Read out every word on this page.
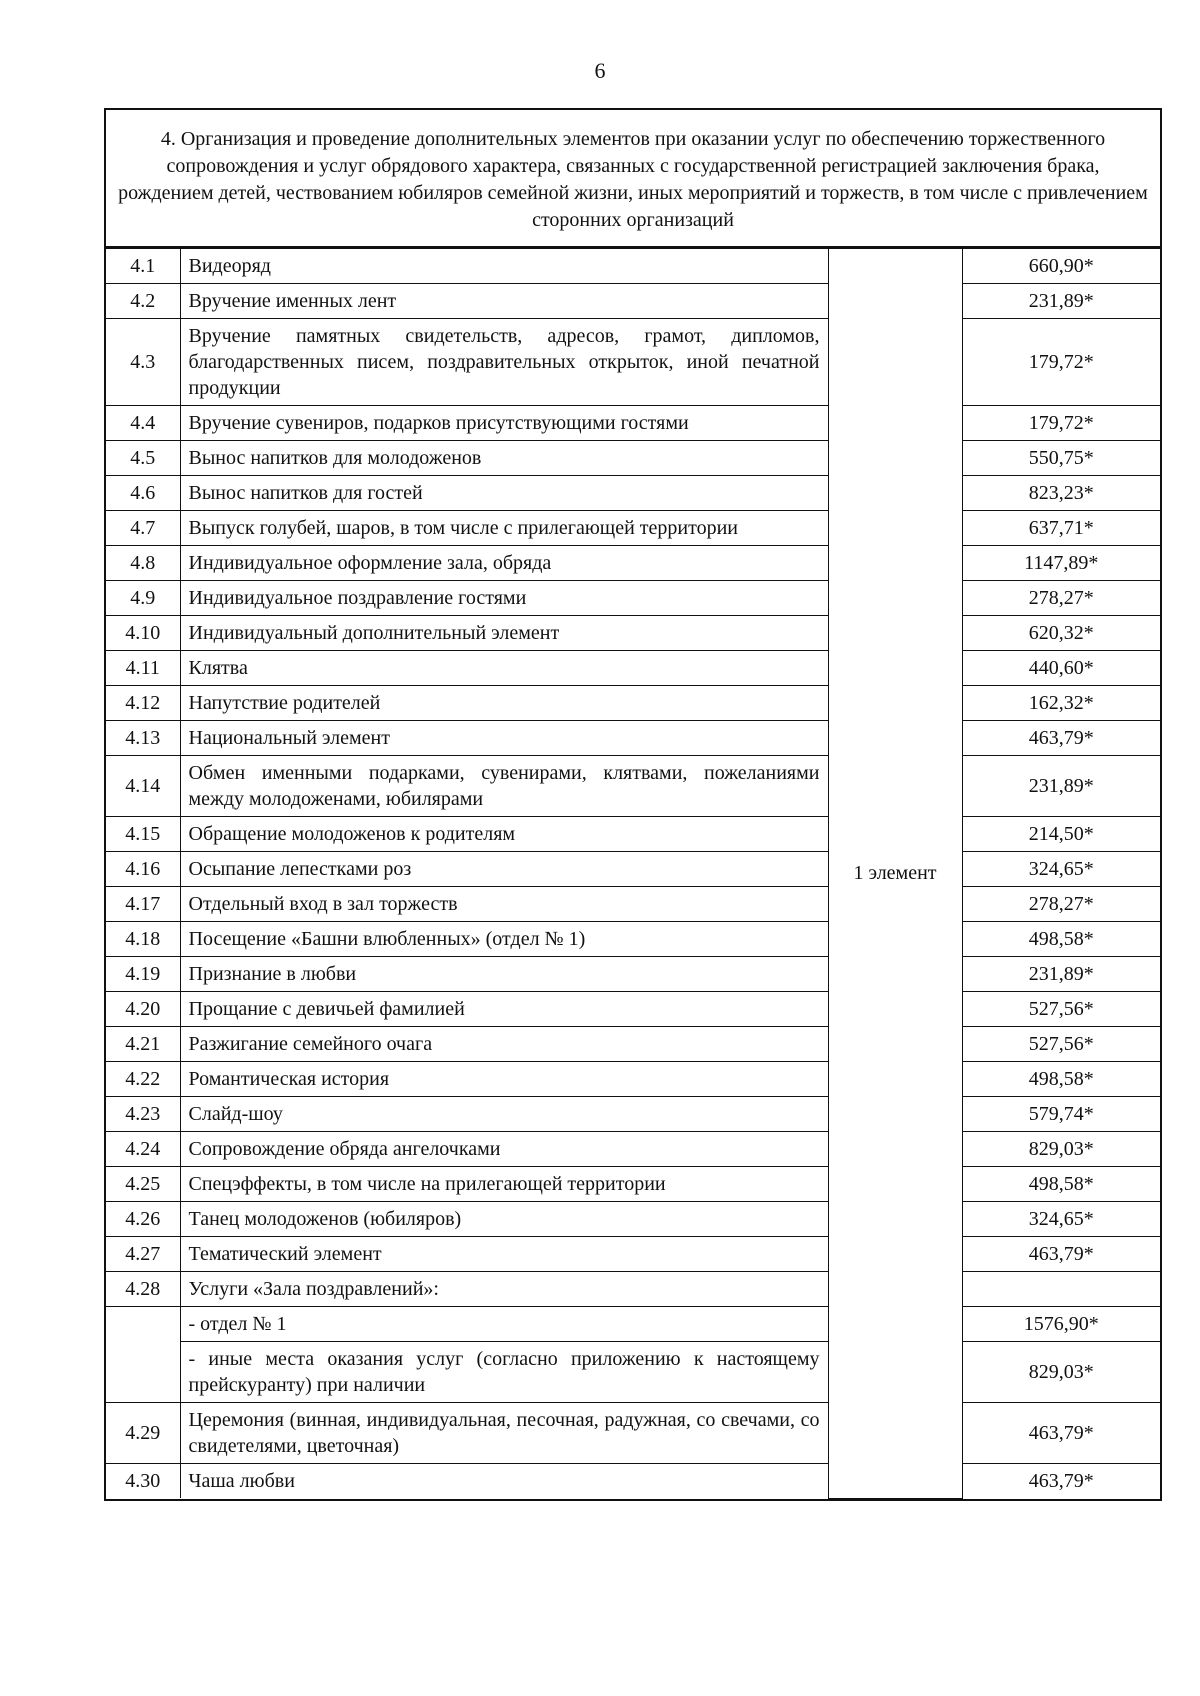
6
4. Организация и проведение дополнительных элементов при оказании услуг по обеспечению торжественного сопровождения и услуг обрядового характера, связанных с государственной регистрацией заключения брака, рождением детей, чествованием юбиляров семейной жизни, иных мероприятий и торжеств, в том числе с привлечением сторонних организаций
4.1	Видеоряд	1 элемент	660,90*
4.2	Вручение именных лент		231,89*
4.3	Вручение памятных свидетельств, адресов, грамот, дипломов, благодарственных писем, поздравительных открыток, иной печатной продукции		179,72*
4.4	Вручение сувениров, подарков присутствующими гостями		179,72*
4.5	Вынос напитков для молодоженов		550,75*
4.6	Вынос напитков для гостей		823,23*
4.7	Выпуск голубей, шаров, в том числе с прилегающей территории		637,71*
4.8	Индивидуальное оформление зала, обряда		1147,89*
4.9	Индивидуальное поздравление гостями		278,27*
4.10	Индивидуальный дополнительный элемент		620,32*
4.11	Клятва		440,60*
4.12	Напутствие родителей		162,32*
4.13	Национальный элемент		463,79*
4.14	Обмен именными подарками, сувенирами, клятвами, пожеланиями между молодоженами, юбилярами		231,89*
4.15	Обращение молодоженов к родителям		214,50*
4.16	Осыпание лепестками роз		324,65*
4.17	Отдельный вход в зал торжеств		278,27*
4.18	Посещение «Башни влюбленных» (отдел № 1)		498,58*
4.19	Признание в любви		231,89*
4.20	Прощание с девичьей фамилией		527,56*
4.21	Разжигание семейного очага		527,56*
4.22	Романтическая история		498,58*
4.23	Слайд-шоу		579,74*
4.24	Сопровождение обряда ангелочками		829,03*
4.25	Спецэффекты, в том числе на прилегающей территории		498,58*
4.26	Танец молодоженов (юбиляров)		324,65*
4.27	Тематический элемент		463,79*
4.28	Услуги «Зала поздравлений»:		
	- отдел № 1		1576,90*
	- иные места оказания услуг (согласно приложению к настоящему прейскуранту) при наличии		829,03*
4.29	Церемония (винная, индивидуальная, песочная, радужная, со свечами, со свидетелями, цветочная)		463,79*
4.30	Чаша любви		463,79*
